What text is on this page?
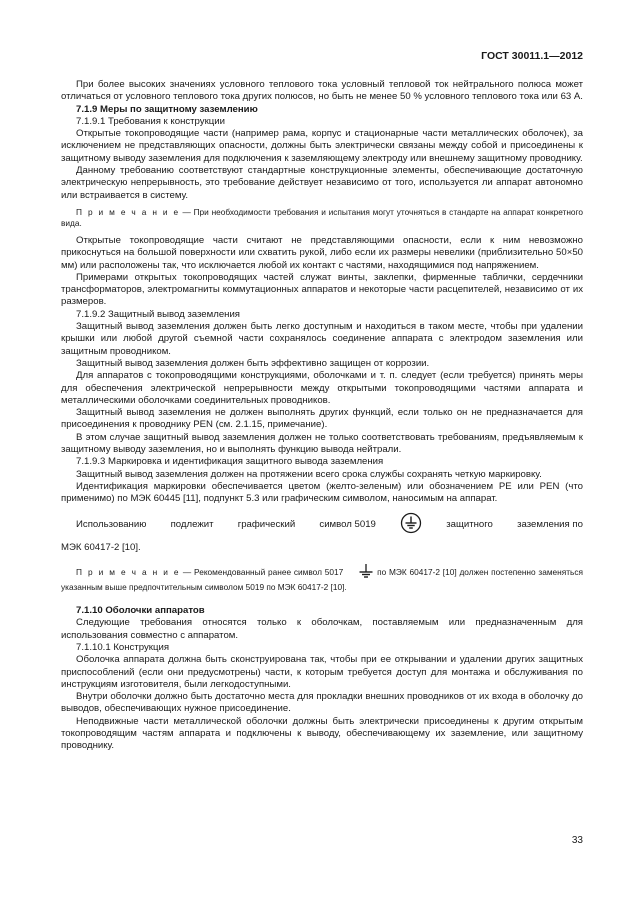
ГОСТ 30011.1—2012

При более высоких значениях условного теплового тока условный тепловой ток нейтрального полюса может отличаться от условного теплового тока других полюсов, но быть не менее 50 % условного теплового тока или 63 А.

7.1.9 Меры по защитному заземлению

7.1.9.1 Требования к конструкции

Открытые токопроводящие части (например рама, корпус и стационарные части металлических оболочек), за исключением не представляющих опасности, должны быть электрически связаны между собой и присоединены к защитному выводу заземления для подключения к заземляющему электроду или внешнему защитному проводнику.

Данному требованию соответствуют стандартные конструкционные элементы, обеспечивающие достаточную электрическую непрерывность, это требование действует независимо от того, используется ли аппарат автономно или встраивается в систему.

П р и м е ч а н и е — При необходимости требования и испытания могут уточняться в стандарте на аппарат конкретного вида.

Открытые токопроводящие части считают не представляющими опасности, если к ним невозможно прикоснуться на большой поверхности или схватить рукой, либо если их размеры невелики (приблизительно 50×50 мм) или расположены так, что исключается любой их контакт с частями, находящимися под напряжением.

Примерами открытых токопроводящих частей служат винты, заклепки, фирменные таблички, сердечники трансформаторов, электромагниты коммутационных аппаратов и некоторые части расцепителей, независимо от их размеров.

7.1.9.2 Защитный вывод заземления

Защитный вывод заземления должен быть легко доступным и находиться в таком месте, чтобы при удалении крышки или любой другой съемной части сохранялось соединение аппарата с электродом заземления или защитным проводником.

Защитный вывод заземления должен быть эффективно защищен от коррозии.

Для аппаратов с токопроводящими конструкциями, оболочками и т. п. следует (если требуется) принять меры для обеспечения электрической непрерывности между открытыми токопроводящими частями аппарата и металлическими оболочками соединительных проводников.

Защитный вывод заземления не должен выполнять других функций, если только он не предназначается для присоединения к проводнику PEN (см. 2.1.15, примечание).

В этом случае защитный вывод заземления должен не только соответствовать требованиям, предъявляемым к защитному выводу заземления, но и выполнять функцию вывода нейтрали.

7.1.9.3 Маркировка и идентификация защитного вывода заземления

Защитный вывод заземления должен на протяжении всего срока службы сохранять четкую маркировку.

Идентификация маркировки обеспечивается цветом (желто-зеленым) или обозначением PE или PEN (что применимо) по МЭК 60445 [11], подпункт 5.3 или графическим символом, наносимым на аппарат.

Использованию	подлежит	графический	символ 5019	защитного	заземления по

МЭК 60417-2 [10].

П р и м е ч а н и е — Рекомендованный ранее символ 5017	по МЭК 60417-2 [10] должен постепенно заменяться указанным выше предпочтительным символом 5019 по МЭК 60417-2 [10].

7.1.10 Оболочки аппаратов

Следующие требования относятся только к оболочкам, поставляемым или предназначенным для использования совместно с аппаратом.

7.1.10.1 Конструкция

Оболочка аппарата должна быть сконструирована так, чтобы при ее открывании и удалении других защитных приспособлений (если они предусмотрены) части, к которым требуется доступ для монтажа и обслуживания по инструкциям изготовителя, были легкодоступными.

Внутри оболочки должно быть достаточно места для прокладки внешних проводников от их входа в оболочку до выводов, обеспечивающих нужное присоединение.

Неподвижные части металлической оболочки должны быть электрически присоединены к другим открытым токопроводящим частям аппарата и подключены к выводу, обеспечивающему их заземление, или защитному проводнику.

33
